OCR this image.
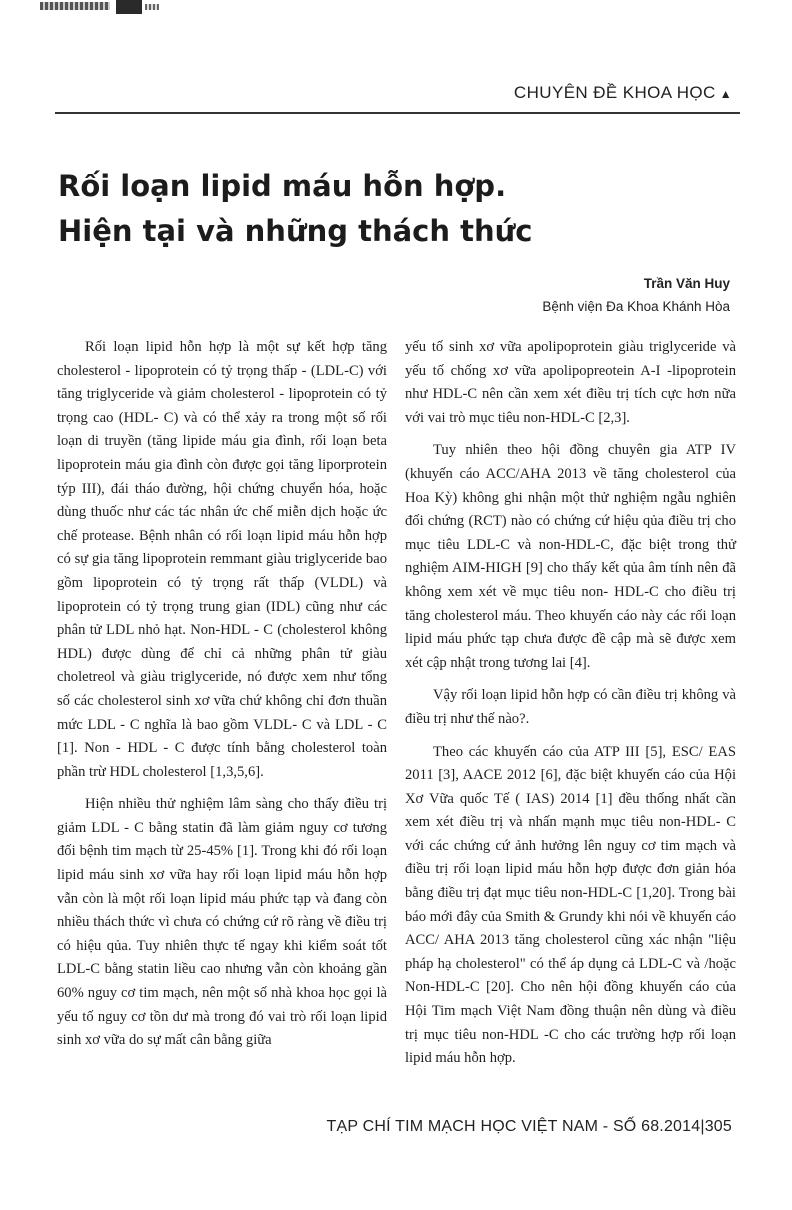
CHUYÊN ĐỀ KHOA HỌC ▲
Rối loạn lipid máu hỗn hợp.
Hiện tại và những thách thức
Trần Văn Huy
Bệnh viện Đa Khoa Khánh Hòa

Rối loạn lipid hỗn hợp là một sự kết hợp tăng cholesterol - lipoprotein có tỷ trọng thấp - (LDL-C) với tăng triglyceride và giảm cholesterol - lipoprotein có tỷ trọng cao (HDL- C) và có thể xảy ra trong một số rối loạn di truyền (tăng lipide máu gia đình, rối loạn beta lipoprotein máu gia đình còn được gọi tăng liporprotein týp III), đái tháo đường, hội chứng chuyển hóa, hoặc dùng thuốc như các tác nhân ức chế miễn dịch hoặc ức chế protease. Bệnh nhân có rối loạn lipid máu hỗn hợp có sự gia tăng lipoprotein remmant giàu triglyceride bao gồm lipoprotein có tỷ trọng rất thấp (VLDL) và lipoprotein có tỷ trọng trung gian (IDL) cũng như các phân tử LDL nhỏ hạt. Non-HDL - C (cholesterol không HDL) được dùng để chỉ cả những phân tử giàu choletreol và giàu triglyceride, nó được xem như tổng số các cholesterol sinh xơ vữa chứ không chỉ đơn thuần mức LDL - C nghĩa là bao gồm VLDL- C và LDL - C [1]. Non - HDL - C được tính bằng cholesterol toàn phần trừ HDL cholesterol [1,3,5,6].

Hiện nhiều thử nghiệm lâm sàng cho thấy điều trị giảm LDL - C bằng statin đã làm giảm nguy cơ tương đối bệnh tim mạch từ 25-45% [1]. Trong khi đó rối loạn lipid máu sinh xơ vữa hay rối loạn lipid máu hỗn hợp vẫn còn là một rối loạn lipid máu phức tạp và đang còn nhiều thách thức vì chưa có chứng cứ rõ ràng về điều trị có hiệu qủa. Tuy nhiên thực tế ngay khi kiểm soát tốt LDL-C bằng statin liều cao nhưng vẫn còn khoảng gần 60% nguy cơ tim mạch, nên một số nhà khoa học gọi là yếu tố nguy cơ tồn dư mà trong đó vai trò rối loạn lipid sinh xơ vữa do sự mất cân bằng giữa

yếu tố sinh xơ vữa apolipoprotein giàu triglyceride và yếu tố chống xơ vữa apolipopreotein A-I -lipoprotein như HDL-C nên cần xem xét điều trị tích cực hơn nữa với vai trò mục tiêu non-HDL-C [2,3].

Tuy nhiên theo hội đồng chuyên gia ATP IV (khuyến cáo ACC/AHA 2013 về tăng cholesterol của Hoa Kỳ) không ghi nhận một thử nghiệm ngẫu nghiên đối chứng (RCT) nào có chứng cứ hiệu qủa điều trị cho mục tiêu LDL-C và non-HDL-C, đặc biệt trong thử nghiệm AIM-HIGH [9] cho thấy kết qủa âm tính nên đã không xem xét về mục tiêu non- HDL-C cho điều trị tăng cholesterol máu. Theo khuyến cáo này các rối loạn lipid máu phức tạp chưa được đề cập mà sẽ được xem xét cập nhật trong tương lai [4].

Vậy rối loạn lipid hỗn hợp có cần điều trị không và điều trị như thế nào?.

Theo các khuyến cáo của ATP III [5], ESC/ EAS 2011 [3], AACE 2012 [6], đặc biệt khuyến cáo của Hội Xơ Vữa quốc Tế ( IAS) 2014 [1] đều thống nhất cần xem xét điều trị và nhấn mạnh mục tiêu non-HDL- C với các chứng cứ ảnh hưởng lên nguy cơ tim mạch và điều trị rối loạn lipid máu hỗn hợp được đơn giản hóa bằng điều trị đạt mục tiêu non-HDL-C [1,20]. Trong bài báo mới đây của Smith & Grundy khi nói về khuyến cáo ACC/ AHA 2013 tăng cholesterol cũng xác nhận "liệu pháp hạ cholesterol" có thể áp dụng cả LDL-C và /hoặc Non-HDL-C [20]. Cho nên hội đồng khuyến cáo của Hội Tim mạch Việt Nam đồng thuận nên dùng và điều trị mục tiêu non-HDL -C cho các trường hợp rối loạn lipid máu hỗn hợp.

TẠP CHÍ TIM MẠCH HỌC VIỆT NAM - SỐ 68.2014|305
